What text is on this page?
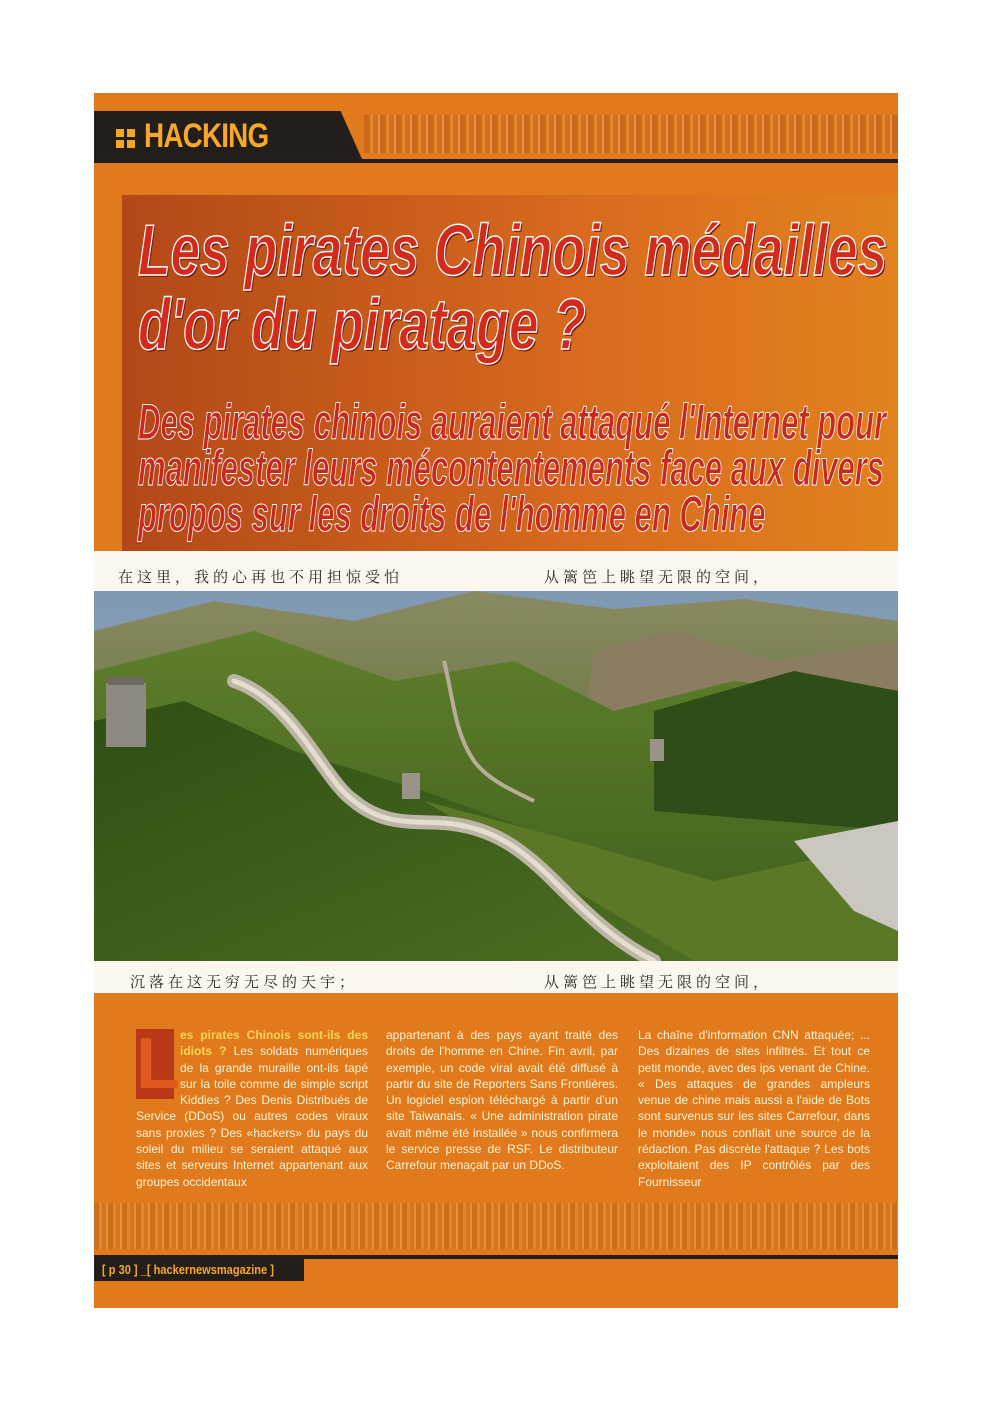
HACKING
Les pirates Chinois médailles
d'or du piratage ?
Des pirates chinois auraient attaqué l'Internet pour
manifester leurs mécontentements face aux divers
propos sur les droits de l'homme en Chine
在这里，我的心再也不用担惊受怕	从篱笆上眺望无限的空间，
沉落在这无穷无尽的天宇；	从篱笆上眺望无限的空间，
L es pirates Chinois sont-ils des idiots ? Les soldats numériques de la grande muraille ont-ils tapé sur la toile comme de simple script Kiddies ? Des Denis Distribués de Service (DDoS) ou autres codes viraux sans proxies ? Des «hackers» du pays du soleil du milieu se seraient attaqué aux sites et serveurs Internet appartenant aux groupes occidentaux
appartenant à des pays ayant traité des droits de l'homme en Chine. Fin avril, par exemple, un code viral avait été diffusé à partir du site de Reporters Sans Frontières. Un logiciel espion téléchargé à partir d'un site Taiwanais. « Une administration pirate avait même été installée » nous confirmera le service presse de RSF. Le distributeur Carrefour menaçait par un DDoS.
La chaîne d'information CNN attaquée; ... Des dizaines de sites infiltrés. Et tout ce petit monde, avec des ips venant de Chine. « Des attaques de grandes ampleurs venue de chine mais aussi a l'aide de Bots sont survenus sur les sites Carrefour, dans le monde» nous confiait une source de la rédaction. Pas discrète l'attaque ? Les bots exploitaient des IP contrôlés par des Fournisseur
[ p 30 ] _[ hackernewsmagazine ]
